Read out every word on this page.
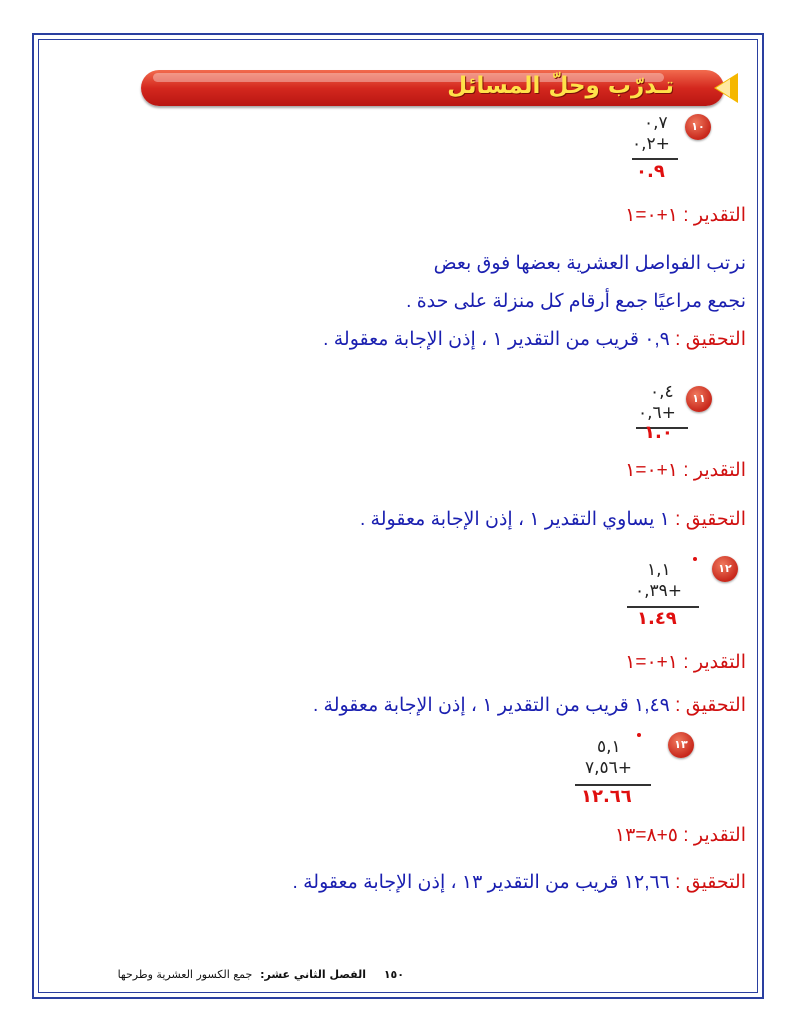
تـدرّب وحلّ المسائل
١٠
٠,٧
٠,٢+
٠.٩
التقدير : ١+٠=١
نرتب الفواصل العشرية بعضها فوق بعض
نجمع مراعيًا جمع أرقام كل منزلة على حدة .
التحقيق : ٠,٩ قريب من التقدير ١ ، إذن الإجابة معقولة .
١١
٠,٤
٠,٦+
١.٠
التقدير : ١+٠=١
التحقيق : ١ يساوي التقدير ١ ، إذن الإجابة معقولة .
١٢
١,١
٠,٣٩+
١.٤٩
التقدير : ١+٠=١
التحقيق : ١,٤٩ قريب من التقدير ١ ، إذن الإجابة معقولة .
١٣
٥,١
٧,٥٦+
١٢.٦٦
التقدير : ٥+٨=١٣
التحقيق : ١٢,٦٦ قريب من التقدير ١٣ ، إذن الإجابة معقولة .
١٥٠ الفصل الثاني عشر: جمع الكسور العشرية وطرحها
